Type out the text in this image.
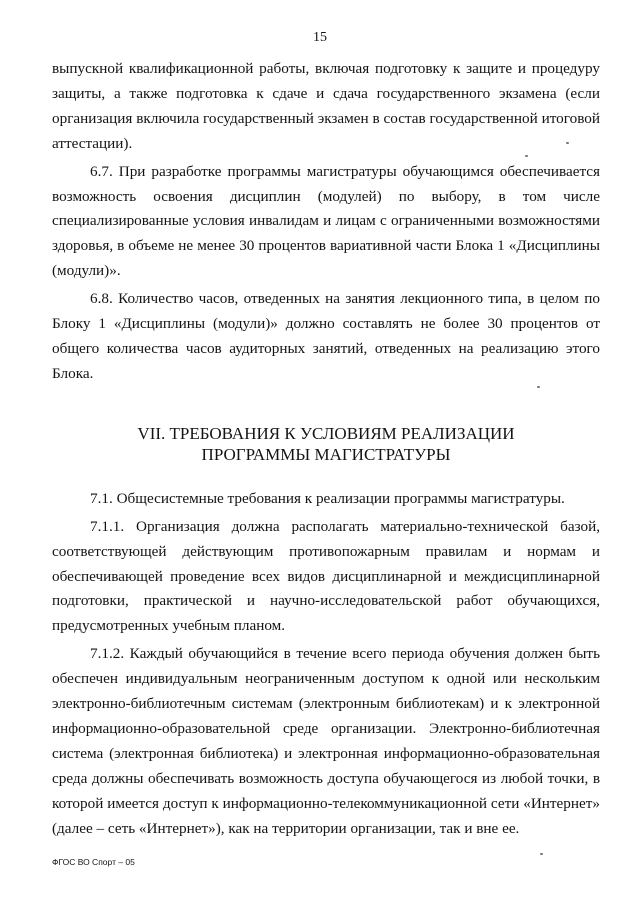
15

выпускной квалификационной работы, включая подготовку к защите и процедуру защиты, а также подготовка к сдаче и сдача государственного экзамена (если организация включила государственный экзамен в состав государственной итоговой аттестации).

6.7. При разработке программы магистратуры обучающимся обеспечивается возможность освоения дисциплин (модулей) по выбору, в том числе специализированные условия инвалидам и лицам с ограниченными возможностями здоровья, в объеме не менее 30 процентов вариативной части Блока 1 «Дисциплины (модули)».

6.8. Количество часов, отведенных на занятия лекционного типа, в целом по Блоку 1 «Дисциплины (модули)» должно составлять не более 30 процентов от общего количества часов аудиторных занятий, отведенных на реализацию этого Блока.

VII. ТРЕБОВАНИЯ К УСЛОВИЯМ РЕАЛИЗАЦИИ ПРОГРАММЫ МАГИСТРАТУРЫ

7.1. Общесистемные требования к реализации программы магистратуры.

7.1.1. Организация должна располагать материально-технической базой, соответствующей действующим противопожарным правилам и нормам и обеспечивающей проведение всех видов дисциплинарной и междисциплинарной подготовки, практической и научно-исследовательской работ обучающихся, предусмотренных учебным планом.

7.1.2. Каждый обучающийся в течение всего периода обучения должен быть обеспечен индивидуальным неограниченным доступом к одной или нескольким электронно-библиотечным системам (электронным библиотекам) и к электронной информационно-образовательной среде организации. Электронно-библиотечная система (электронная библиотека) и электронная информационно-образовательная среда должны обеспечивать возможность доступа обучающегося из любой точки, в которой имеется доступ к информационно-телекоммуникационной сети «Интернет» (далее – сеть «Интернет»), как на территории организации, так и вне ее.

ФГОС ВО Спорт – 05
